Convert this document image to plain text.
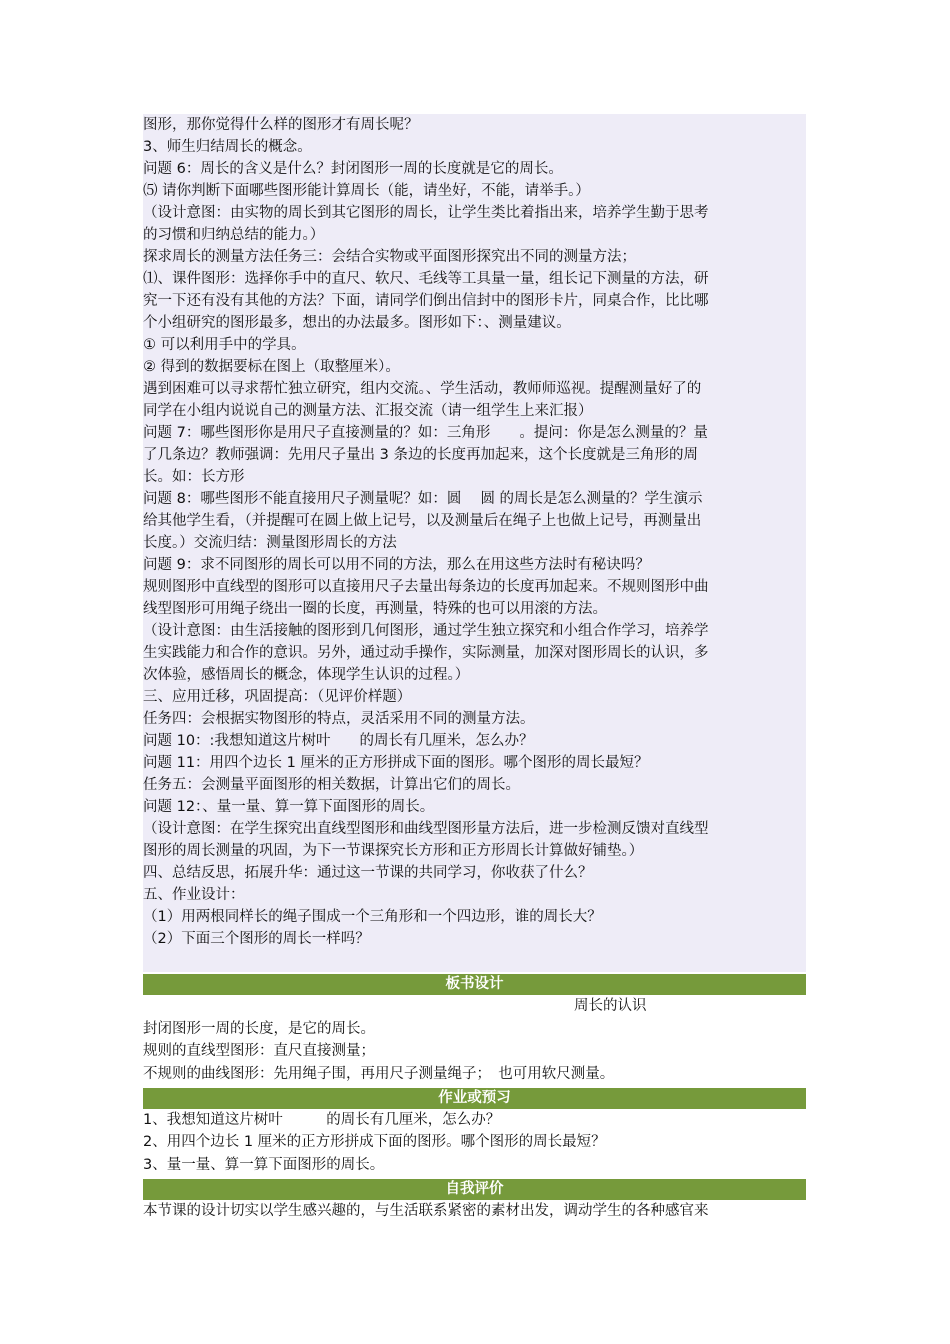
图形，那你觉得什么样的图形才有周长呢？
3、师生归结周长的概念。
问题 6：周长的含义是什么？封闭图形一周的长度就是它的周长。
⑸ 请你判断下面哪些图形能计算周长（能，请坐好，不能，请举手。）
（设计意图：由实物的周长到其它图形的周长，让学生类比着指出来，培养学生勤于思考
的习惯和归纳总结的能力。）
探求周长的测量方法任务三：会结合实物或平面图形探究出不同的测量方法；
⑴、课件图形：选择你手中的直尺、软尺、毛线等工具量一量，组长记下测量的方法，研
究一下还有没有其他的方法？下面，请同学们倒出信封中的图形卡片，同桌合作，比比哪
个小组研究的图形最多，想出的办法最多。图形如下：、测量建议。
① 可以利用手中的学具。
② 得到的数据要标在图上（取整厘米）。
遇到困难可以寻求帮忙独立研究，组内交流。、学生活动，教师师巡视。提醒测量好了的
同学在小组内说说自己的测量方法、汇报交流（请一组学生上来汇报）
问题 7：哪些图形你是用尺子直接测量的？如：三角形　　。提问：你是怎么测量的？量
了几条边？教师强调：先用尺子量出 3 条边的长度再加起来，这个长度就是三角形的周
长。如：长方形
问题 8：哪些图形不能直接用尺子测量呢？如：圆　 圆 的周长是怎么测量的？学生演示
给其他学生看，（并提醒可在圆上做上记号，以及测量后在绳子上也做上记号，再测量出
长度。）交流归结：测量图形周长的方法
问题 9：求不同图形的周长可以用不同的方法，那么在用这些方法时有秘诀吗？
规则图形中直线型的图形可以直接用尺子去量出每条边的长度再加起来。不规则图形中曲
线型图形可用绳子绕出一圈的长度，再测量，特殊的也可以用滚的方法。
（设计意图：由生活接触的图形到几何图形，通过学生独立探究和小组合作学习，培养学
生实践能力和合作的意识。另外，通过动手操作，实际测量，加深对图形周长的认识，多
次体验，感悟周长的概念，体现学生认识的过程。）
三、应用迁移，巩固提高：（见评价样题）
任务四：会根据实物图形的特点，灵活采用不同的测量方法。
问题 10：:我想知道这片树叶　　的周长有几厘米，怎么办？
问题 11：用四个边长 1 厘米的正方形拼成下面的图形。哪个图形的周长最短？
任务五：会测量平面图形的相关数据，计算出它们的周长。
问题 12：、量一量、算一算下面图形的周长。
（设计意图：在学生探究出直线型图形和曲线型图形量方法后，进一步检测反馈对直线型
图形的周长测量的巩固，为下一节课探究长方形和正方形周长计算做好铺垫。）
四、总结反思，拓展升华：通过这一节课的共同学习，你收获了什么？
五、作业设计：
（1）用两根同样长的绳子围成一个三角形和一个四边形，谁的周长大？
（2）下面三个图形的周长一样吗？
板书设计
周长的认识
封闭图形一周的长度，是它的周长。
规则的直线型图形：直尺直接测量；
不规则的曲线图形：先用绳子围，再用尺子测量绳子；　也可用软尺测量。
作业或预习
1、我想知道这片树叶　　　的周长有几厘米，怎么办？
2、用四个边长 1 厘米的正方形拼成下面的图形。哪个图形的周长最短？
3、量一量、算一算下面图形的周长。
自我评价
本节课的设计切实以学生感兴趣的，与生活联系紧密的素材出发，调动学生的各种感官来
